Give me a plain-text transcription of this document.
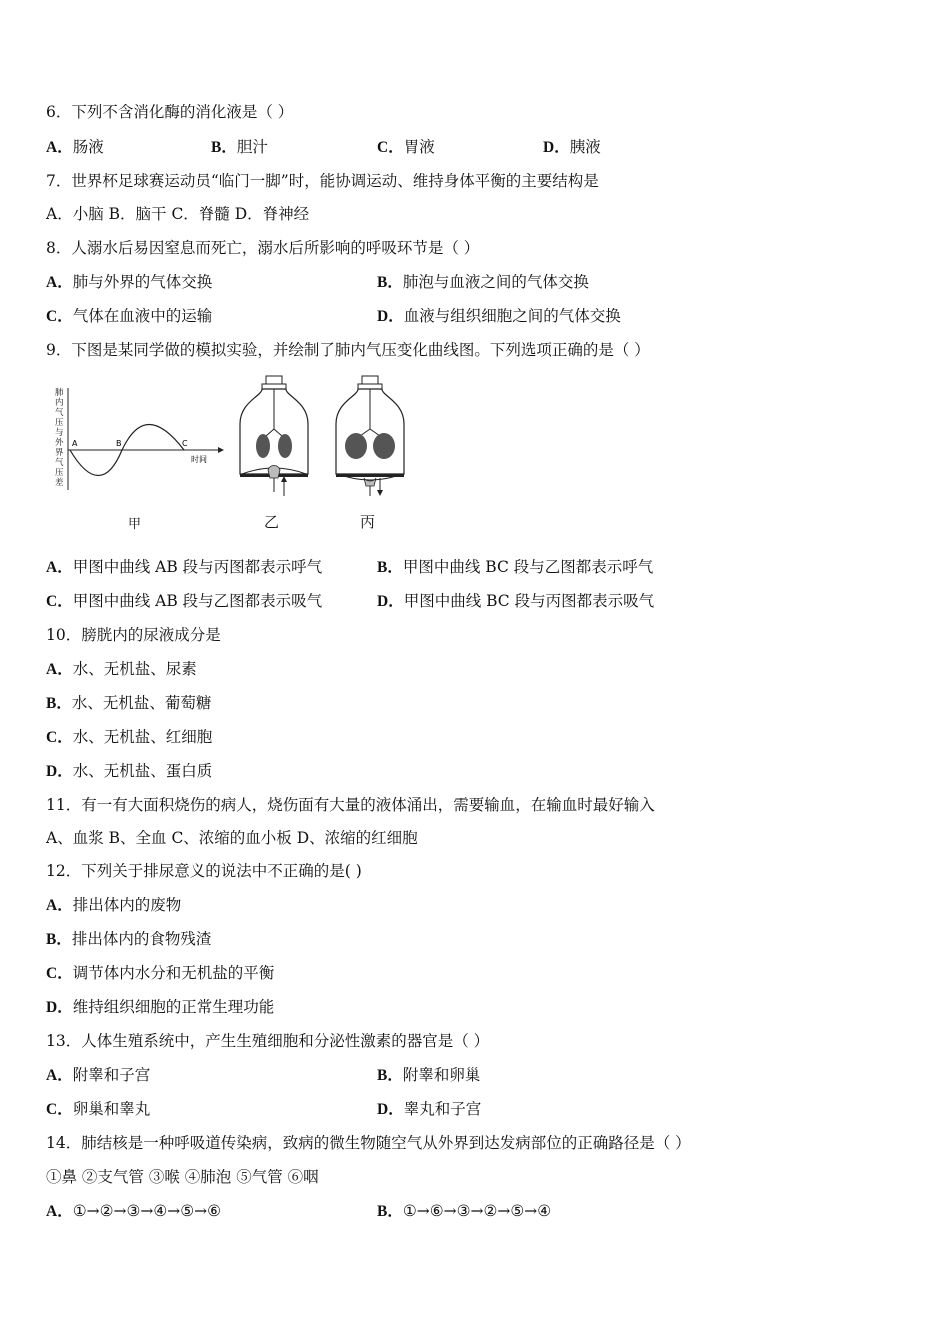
6．下列不含消化酶的消化液是（ ）
A．肠液	B．胆汁	C．胃液	D．胰液
7．世界杯足球赛运动员“临门一脚”时，能协调运动、维持身体平衡的主要结构是
A．小脑 B．脑干 C．脊髓 D．脊神经
8．人溺水后易因窒息而死亡，溺水后所影响的呼吸环节是（ ）
A．肺与外界的气体交换	B．肺泡与血液之间的气体交换
C．气体在血液中的运输	D．血液与组织细胞之间的气体交换
9．下图是某同学做的模拟实验，并绘制了肺内气压变化曲线图。下列选项正确的是（ ）
A	B	C
时间
肺内气压与外界气压差
甲	乙	丙
A．甲图中曲线 AB 段与丙图都表示呼气	B．甲图中曲线 BC 段与乙图都表示呼气
C．甲图中曲线 AB 段与乙图都表示吸气	D．甲图中曲线 BC 段与丙图都表示吸气
10．膀胱内的尿液成分是
A．水、无机盐、尿素
B．水、无机盐、葡萄糖
C．水、无机盐、红细胞
D．水、无机盐、蛋白质
11．有一有大面积烧伤的病人，烧伤面有大量的液体涌出，需要输血，在输血时最好输入
A、血浆 B、全血 C、浓缩的血小板 D、浓缩的红细胞
12．下列关于排尿意义的说法中不正确的是( )
A．排出体内的废物
B．排出体内的食物残渣
C．调节体内水分和无机盐的平衡
D．维持组织细胞的正常生理功能
13．人体生殖系统中，产生生殖细胞和分泌性激素的器官是（ ）
A．附睾和子宫	B．附睾和卵巢
C．卵巢和睾丸	D．睾丸和子宫
14．肺结核是一种呼吸道传染病，致病的微生物随空气从外界到达发病部位的正确路径是（ ）
①鼻 ②支气管 ③喉 ④肺泡 ⑤气管 ⑥咽
A．①→②→③→④→⑤→⑥	B．①→⑥→③→②→⑤→④
